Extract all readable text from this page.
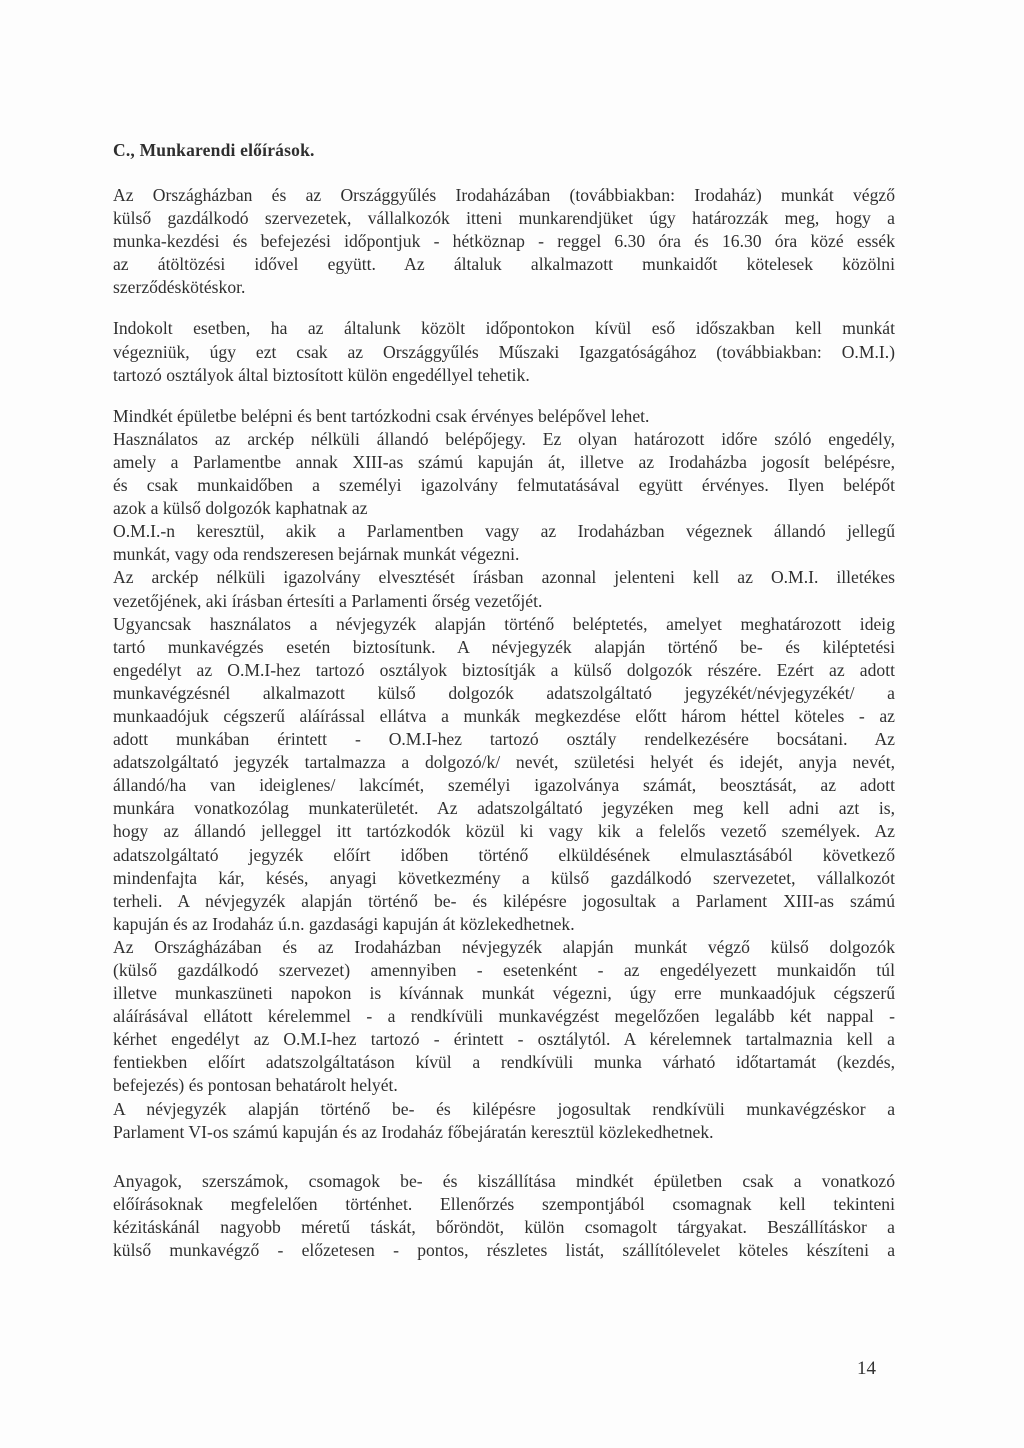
C., Munkarendi előírások.
Az Országházban és az Országgyűlés Irodaházában (továbbiakban: Irodaház) munkát végző
külső gazdálkodó szervezetek, vállalkozók itteni munkarendjüket úgy határozzák meg, hogy a
munka-kezdési és befejezési időpontjuk - hétköznap - reggel 6.30 óra és 16.30 óra közé essék
az átöltözési idővel együtt. Az általuk alkalmazott munkaidőt kötelesek közölni
szerződéskötéskor.
Indokolt esetben, ha az általunk közölt időpontokon kívül eső időszakban kell munkát
végezniük, úgy ezt csak az Országgyűlés Műszaki Igazgatóságához (továbbiakban: O.M.I.)
tartozó osztályok által biztosított külön engedéllyel tehetik.
Mindkét épületbe belépni és bent tartózkodni csak érvényes belépővel lehet.
Használatos az arckép nélküli állandó belépőjegy. Ez olyan határozott időre szóló engedély,
amely a Parlamentbe annak XIII-as számú kapuján át, illetve az Irodaházba jogosít belépésre,
és csak munkaidőben a személyi igazolvány felmutatásával együtt érvényes. Ilyen belépőt
azok a külső dolgozók kaphatnak az
O.M.I.-n keresztül, akik a Parlamentben vagy az Irodaházban végeznek állandó jellegű
munkát, vagy oda rendszeresen bejárnak munkát végezni.
Az arckép nélküli igazolvány elvesztését írásban azonnal jelenteni kell az O.M.I. illetékes
vezetőjének, aki írásban értesíti a Parlamenti őrség vezetőjét.
Ugyancsak használatos a névjegyzék alapján történő beléptetés, amelyet meghatározott ideig
tartó munkavégzés esetén biztosítunk. A névjegyzék alapján történő be- és kiléptetési
engedélyt az O.M.I-hez tartozó osztályok biztosítják a külső dolgozók részére. Ezért az adott
munkavégzésnél alkalmazott külső dolgozók adatszolgáltató jegyzékét/névjegyzékét/ a
munkaadójuk cégszerű aláírással ellátva a munkák megkezdése előtt három héttel köteles - az
adott munkában érintett - O.M.I-hez tartozó osztály rendelkezésére bocsátani. Az
adatszolgáltató jegyzék tartalmazza a dolgozó/k/ nevét, születési helyét és idejét, anyja nevét,
állandó/ha van ideiglenes/ lakcímét, személyi igazolványa számát, beosztását, az adott
munkára vonatkozólag munkaterületét. Az adatszolgáltató jegyzéken meg kell adni azt is,
hogy az állandó jelleggel itt tartózkodók közül ki vagy kik a felelős vezető személyek. Az
adatszolgáltató jegyzék előírt időben történő elküldésének elmulasztásából következő
mindenfajta kár, késés, anyagi következmény a külső gazdálkodó szervezetet, vállalkozót
terheli. A névjegyzék alapján történő be- és kilépésre jogosultak a Parlament XIII-as számú
kapuján és az Irodaház ú.n. gazdasági kapuján át közlekedhetnek.
Az Országházában és az Irodaházban névjegyzék alapján munkát végző külső dolgozók
(külső gazdálkodó szervezet) amennyiben - esetenként - az engedélyezett munkaidőn túl
illetve munkaszüneti napokon is kívánnak munkát végezni, úgy erre munkaadójuk cégszerű
aláírásával ellátott kérelemmel - a rendkívüli munkavégzést megelőzően legalább két nappal -
kérhet engedélyt az O.M.I-hez tartozó - érintett - osztálytól. A kérelemnek tartalmaznia kell a
fentiekben előírt adatszolgáltatáson kívül a rendkívüli munka várható időtartamát (kezdés,
befejezés) és pontosan behatárolt helyét.
A névjegyzék alapján történő be- és kilépésre jogosultak rendkívüli munkavégzéskor a
Parlament VI-os számú kapuján és az Irodaház főbejáratán keresztül közlekedhetnek.
Anyagok, szerszámok, csomagok be- és kiszállítása mindkét épületben csak a vonatkozó
előírásoknak megfelelően történhet. Ellenőrzés szempontjából csomagnak kell tekinteni
kézitáskánál nagyobb méretű táskát, bőröndöt, külön csomagolt tárgyakat. Beszállításkor a
külső munkavégző - előzetesen - pontos, részletes listát, szállítólevelet köteles készíteni a
14
